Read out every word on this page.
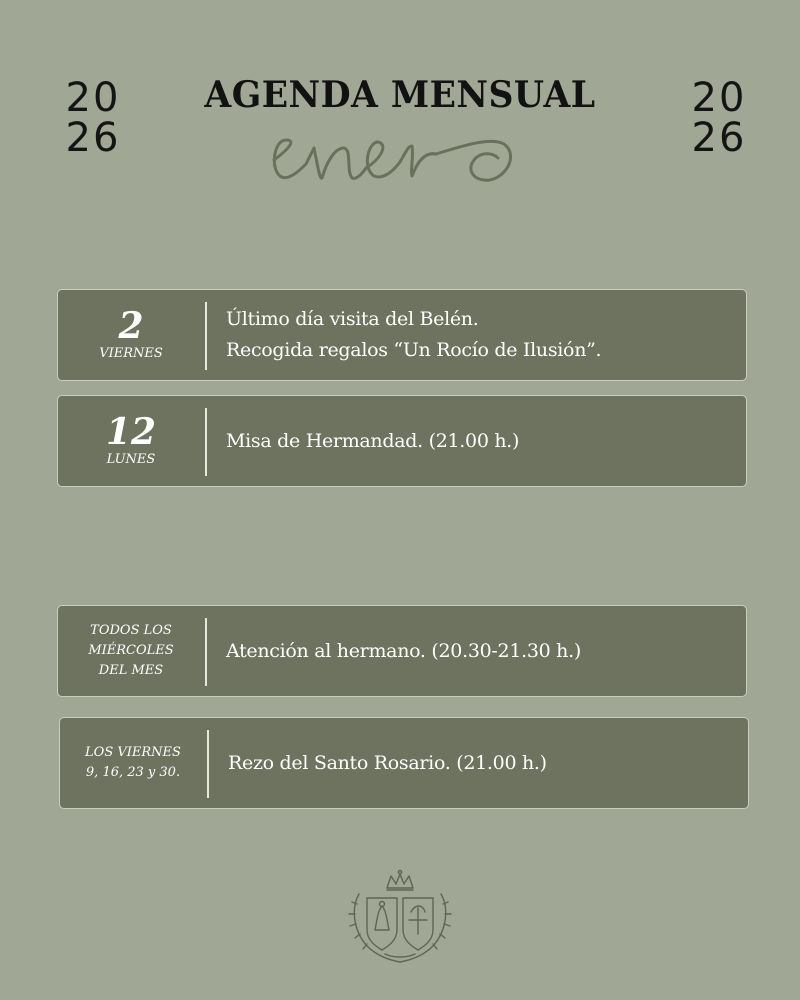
20
26
20
26
AGENDA MENSUAL
enero
2
VIERNES
Último día visita del Belén.
Recogida regalos “Un Rocío de Ilusión”.
12
LUNES
Misa de Hermandad. (21.00 h.)
TODOS LOS
MIÉRCOLES
DEL MES
Atención al hermano. (20.30-21.30 h.)
LOS VIERNES
9, 16, 23 y 30.	Rezo del Santo Rosario. (21.00 h.)
